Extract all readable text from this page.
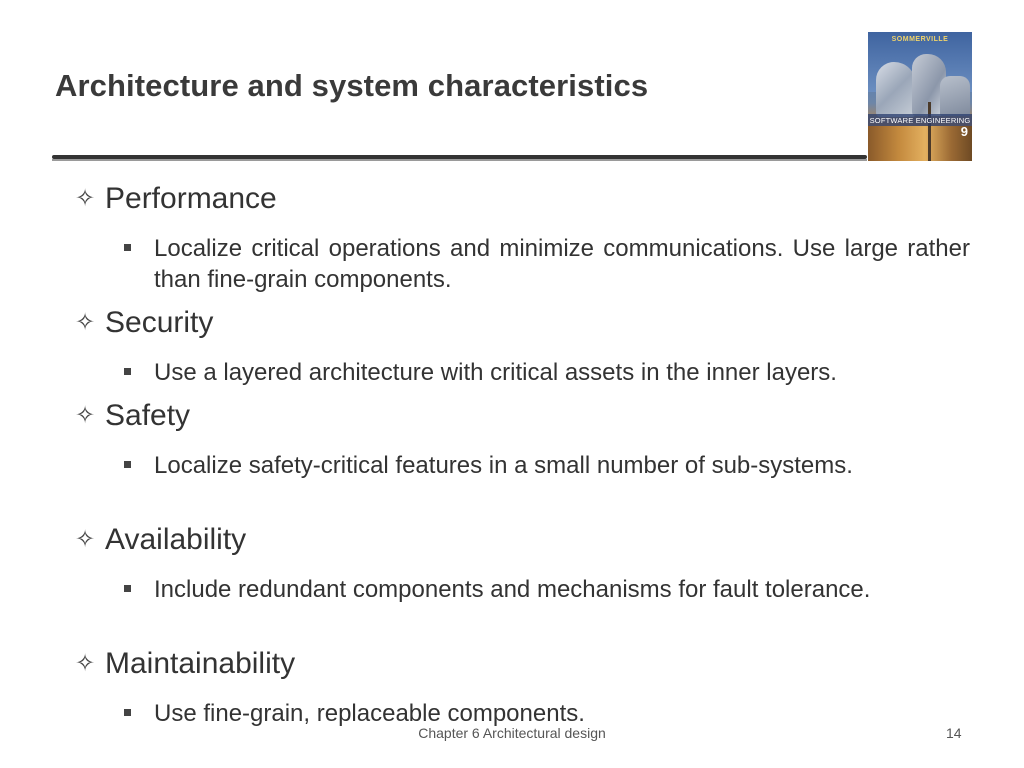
Architecture and system characteristics
SOMMERVILLE
SOFTWARE ENGINEERING
9
✧ Performance
Localize critical operations and minimize communications. Use large rather than fine-grain components.
✧ Security
Use a layered architecture with critical assets in the inner layers.
✧ Safety
Localize safety-critical features in a small number of sub-systems.
✧ Availability
Include redundant components and mechanisms for fault tolerance.
✧ Maintainability
Use fine-grain, replaceable components.
Chapter 6 Architectural design	14
